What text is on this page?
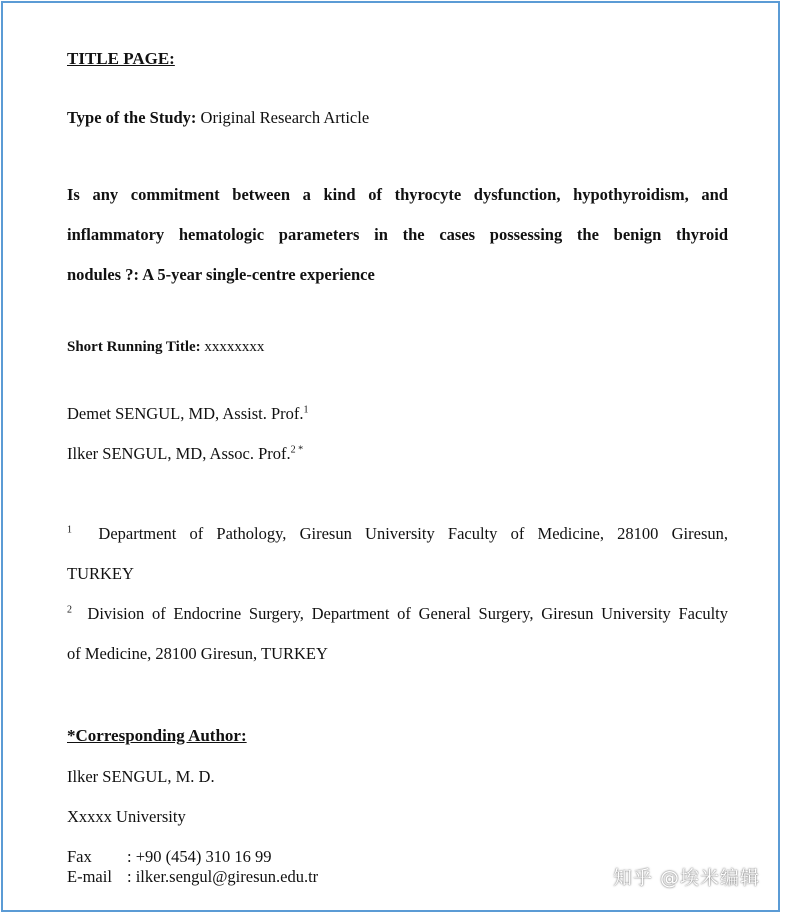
TITLE PAGE:

Type of the Study: Original Research Article

Is any commitment between a kind of thyrocyte dysfunction, hypothyroidism, and
inflammatory hematologic parameters in the cases possessing the benign thyroid
nodules ?: A 5-year single-centre experience

Short Running Title: xxxxxxxx

Demet SENGUL, MD, Assist. Prof.$^1$

Ilker SENGUL, MD, Assoc. Prof.$^{2 *}$

$^1$ Department of Pathology, Giresun University Faculty of Medicine, 28100 Giresun,
TURKEY
$^2$ Division of Endocrine Surgery, Department of General Surgery, Giresun University Faculty
of Medicine, 28100 Giresun, TURKEY

*Corresponding Author:

Ilker SENGUL, M. D.

Xxxxx University

Fax : +90 (454) 310 16 99
E-mail : ilker.sengul@giresun.edu.tr	知乎 @埃米编辑
